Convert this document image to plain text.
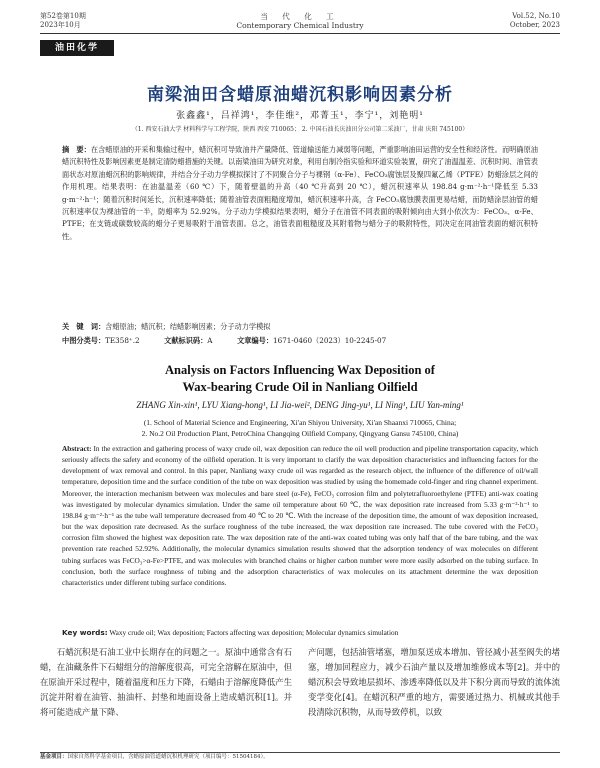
第52卷第10期
2023年10月
当 代 化 工
Contemporary Chemical Industry
Vol.52, No.10
October, 2023
油田化学
南梁油田含蜡原油蜡沉积影响因素分析
张鑫鑫¹，吕祥鸿¹，李佳维²，邓菁玉¹，李宁¹，刘艳明¹
（1. 西安石油大学 材料科学与工程学院，陕西 西安 710065； 2. 中国石油长庆油田分公司第二采油厂，甘肃 庆阳 745100）
摘　要：在含蜡原油的开采和集输过程中，蜡沉积可导致油井产量降低、管道输送能力减弱等问题，严重影响油田运营的安全性和经济性。而明确原油蜡沉积特性及影响因素更是制定清防蜡措施的关键。以南梁油田为研究对象，利用自制冷指实验和环道实验装置，研究了油温温差、沉积时间、油管表面状态对原油蜡沉积的影响规律，并结合分子动力学模拟探讨了不同聚合分子与裸钢（α-Fe）、FeCO₃腐蚀层及聚四氟乙烯（PTFE）防蜡涂层之间的作用机理。结果表明：在油温温差（60 ℃）下，随着壁温的升高（40 ℃升高到 20 ℃），蜡沉积速率从 198.84 g·m⁻²·h⁻¹降低至 5.33 g·m⁻²·h⁻¹；随着沉积时间延长，沉积速率降低；随着油管表面粗糙度增加，蜡沉积速率升高，含 FeCO₃腐蚀膜表面更易结蜡，而防蜡涂层油管的蜡沉积速率仅为裸油管的一半，防蜡率为 52.92%。分子动力学模拟结果表明，蜡分子在油管不同表面的吸附倾向由大到小依次为：FeCO₃、α-Fe、PTFE；在支链或碳数较高的蜡分子更易吸附于油管表面。总之，油管表面粗糙度及其附着物与蜡分子的吸附特性，同决定在同油管表面的蜡沉积特性。
关　键　词：含蜡原油；蜡沉积；结蜡影响因素；分子动力学模拟
中图分类号：TE358⁺.2	文献标识码：A	文章编号：1671-0460（2023）10-2245-07
Analysis on Factors Influencing Wax Deposition of
Wax-bearing Crude Oil in Nanliang Oilfield
ZHANG Xin-xin¹, LYU Xiang-hong¹, LI Jia-wei², DENG Jing-yu¹, LI Ning¹, LIU Yan-ming¹
(1. School of Material Science and Engineering, Xi'an Shiyou University, Xi'an Shaanxi 710065, China;
2. No.2 Oil Production Plant, PetroChina Changqing Oilfield Company, Qingyang Gansu 745100, China)
Abstract: In the extraction and gathering process of waxy crude oil, wax deposition can reduce the oil well production and pipeline transportation capacity, which seriously affects the safety and economy of the oilfield operation. It is very important to clarify the wax deposition characteristics and influencing factors for the development of wax removal and control. In this paper, Nanliang waxy crude oil was regarded as the research object, the influence of the difference of oil/wall temperature, deposition time and the surface condition of the tube on wax deposition was studied by using the homemade cold-finger and ring channel experiment. Moreover, the interaction mechanism between wax molecules and bare steel (α-Fe), FeCO₃ corrosion film and polytetrafluoroethylene (PTFE) anti-wax coating was investigated by molecular dynamics simulation. Under the same oil temperature about 60 ℃, the wax deposition rate increased from 5.33 g·m⁻²·h⁻¹ to 198.84 g·m⁻²·h⁻¹ as the tube wall temperature decreased from 40 ℃ to 20 ℃. With the increase of the deposition time, the amount of wax deposition increased, but the wax deposition rate decreased. As the surface roughness of the tube increased, the wax deposition rate increased. The tube covered with the FeCO₃ corrosion film showed the highest wax deposition rate. The wax deposition rate of the anti-wax coated tubing was only half that of the bare tubing, and the wax prevention rate reached 52.92%. Additionally, the molecular dynamics simulation results showed that the adsorption tendency of wax molecules on different tubing surfaces was FeCO₃>α-Fe>PTFE, and wax molecules with branched chains or higher carbon number were more easily adsorbed on the tubing surface. In conclusion, both the surface roughness of tubing and the adsorption characteristics of wax molecules on its attachment determine the wax deposition characteristics under different tubing surface conditions.
Key words: Waxy crude oil; Wax deposition; Factors affecting wax deposition; Molecular dynamics simulation
石蜡沉积是石油工业中长期存在的问题之一。原油中通常含有石蜡，在油藏条件下石蜡组分的溶解度很高，可完全溶解在原油中，但在原油开采过程中，随着温度和压力下降，石蜡由于溶解度降低产生沉淀并附着在油管、抽油杆、封垫和地面设备上造成蜡沉积[1]。并将可能造成产量下降、
产问题，包括油管堵塞，增加泵送成本增加、管径减小甚至阀失的堵塞，增加回程应力，减少石油产量以及增加维修成本等[2]。并中的蜡沉积会导致地层损坏、渗透率降低以及井下积分离而导致的流体流变学变化[4]。在蜡沉积严重的地方，需要通过热力、机械或其他手段清除沉积物，从而导致停机，以致
基金项目：国家自然科学基金项目，含蜡原油管道蜡沉积机理研究（项目编号：51504184）。
